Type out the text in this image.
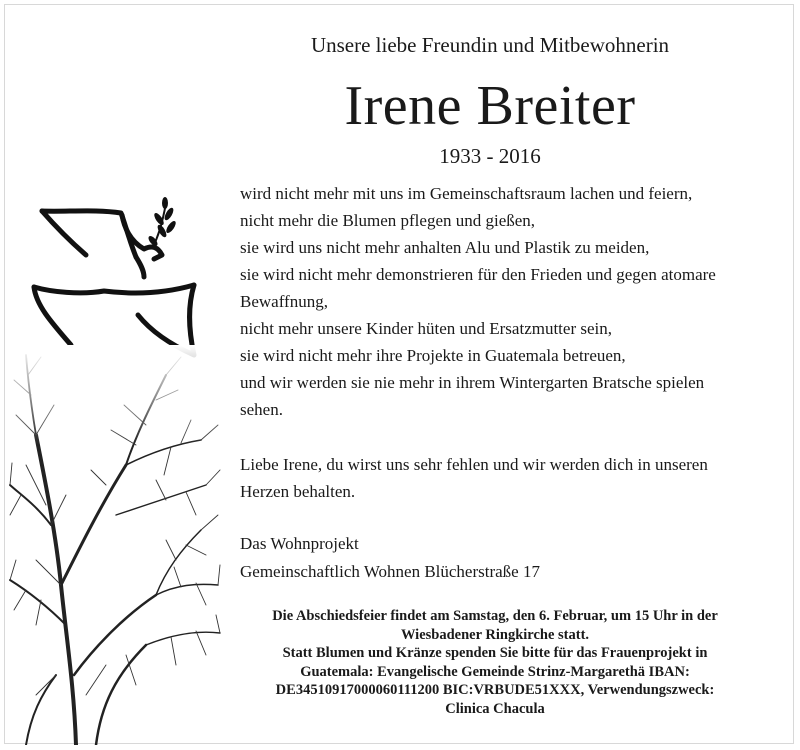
Unsere liebe Freundin und Mitbewohnerin
Irene Breiter
1933 - 2016
wird nicht mehr mit uns im Gemeinschaftsraum lachen und feiern,
nicht mehr die Blumen pflegen und gießen,
sie wird uns nicht mehr anhalten Alu und Plastik zu meiden,
sie wird nicht mehr demonstrieren für den Frieden und gegen atomare
Bewaffnung,
nicht mehr unsere Kinder hüten und Ersatzmutter sein,
sie wird nicht mehr ihre Projekte in Guatemala betreuen,
und wir werden sie nie mehr in ihrem Wintergarten Bratsche spielen
sehen.
Liebe Irene, du wirst uns sehr fehlen und wir werden dich in unseren
Herzen behalten.
Das Wohnprojekt
Gemeinschaftlich Wohnen Blücherstraße 17
Die Abschiedsfeier findet am Samstag, den 6. Februar, um 15 Uhr in der
Wiesbadener Ringkirche statt.
Statt Blumen und Kränze spenden Sie bitte für das Frauenprojekt in
Guatemala: Evangelische Gemeinde Strinz-Margarethä IBAN:
DE34510917000060111200 BIC:VRBUDE51XXX, Verwendungszweck:
Clinica Chacula
